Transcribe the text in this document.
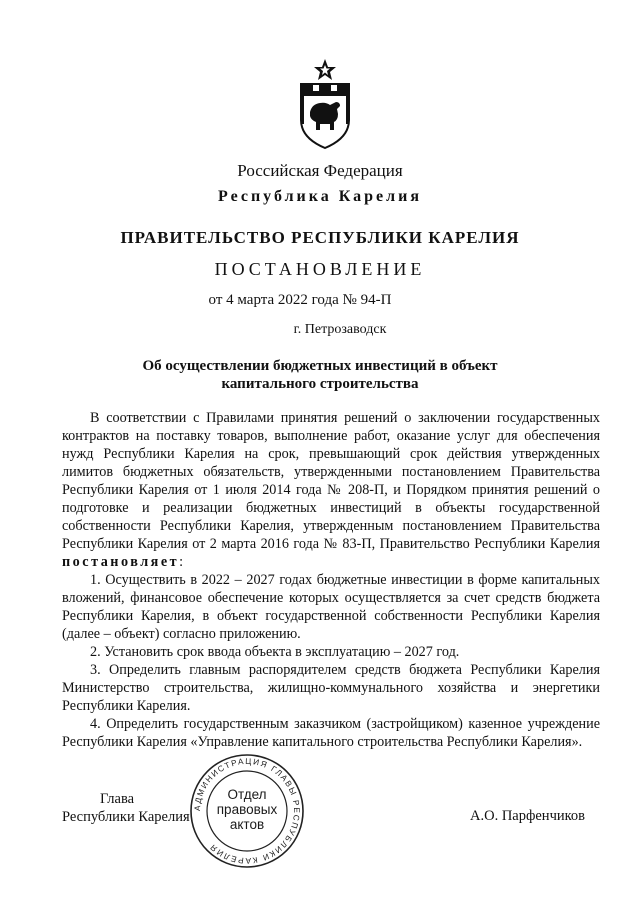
Российская Федерация
Республика Карелия
ПРАВИТЕЛЬСТВО РЕСПУБЛИКИ КАРЕЛИЯ
ПОСТАНОВЛЕНИЕ
от 4 марта 2022 года № 94-П
г. Петрозаводск
Об осуществлении бюджетных инвестиций в объект
капитального строительства

В соответствии с Правилами принятия решений о заключении государственных контрактов на поставку товаров, выполнение работ, оказание услуг для обеспечения нужд Республики Карелия на срок, превышающий срок действия утвержденных лимитов бюджетных обязательств, утвержденными постановлением Правительства Республики Карелия от 1 июля 2014 года № 208-П, и Порядком принятия решений о подготовке и реализации бюджетных инвестиций в объекты государственной собственности Республики Карелия, утвержденным постановлением Правительства Республики Карелия от 2 марта 2016 года № 83-П, Правительство Республики Карелия постановляет:

1. Осуществить в 2022 – 2027 годах бюджетные инвестиции в форме капитальных вложений, финансовое обеспечение которых осуществляется за счет средств бюджета Республики Карелия, в объект государственной собственности Республики Карелия (далее – объект) согласно приложению.

2. Установить срок ввода объекта в эксплуатацию – 2027 год.

3. Определить главным распорядителем средств бюджета Республики Карелия Министерство строительства, жилищно-коммунального хозяйства и энергетики Республики Карелия.

4. Определить государственным заказчиком (застройщиком) казенное учреждение Республики Карелия «Управление капитального строительства Республики Карелия».

Глава
Республики Карелия	А.О. Парфенчиков
АДМИНИСТРАЦИЯ ГЛАВЫ РЕСПУБЛИКИ КАРЕЛИЯ
Отдел
правовых
актов
